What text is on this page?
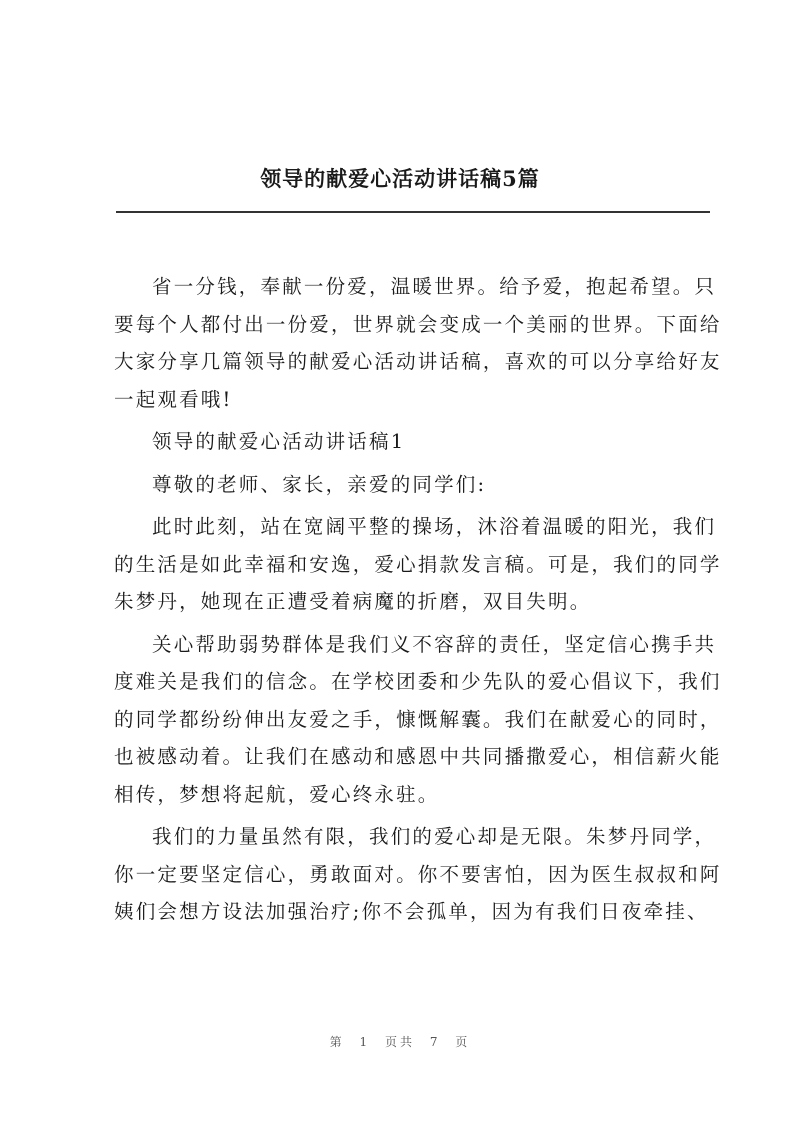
领导的献爱心活动讲话稿5篇
省一分钱，奉献一份爱，温暖世界。给予爱，抱起希望。只
要每个人都付出一份爱，世界就会变成一个美丽的世界。下面给
大家分享几篇领导的献爱心活动讲话稿，喜欢的可以分享给好友
一起观看哦!
领导的献爱心活动讲话稿1
尊敬的老师、家长，亲爱的同学们:
此时此刻，站在宽阔平整的操场，沐浴着温暖的阳光，我们
的生活是如此幸福和安逸，爱心捐款发言稿。可是，我们的同学
朱梦丹，她现在正遭受着病魔的折磨，双目失明。
关心帮助弱势群体是我们义不容辞的责任，坚定信心携手共
度难关是我们的信念。在学校团委和少先队的爱心倡议下，我们
的同学都纷纷伸出友爱之手，慷慨解囊。我们在献爱心的同时，
也被感动着。让我们在感动和感恩中共同播撒爱心，相信薪火能
相传，梦想将起航，爱心终永驻。
我们的力量虽然有限，我们的爱心却是无限。朱梦丹同学，
你一定要坚定信心，勇敢面对。你不要害怕，因为医生叔叔和阿
姨们会想方设法加强治疗;你不会孤单，因为有我们日夜牵挂、
第 1 页共 7 页
